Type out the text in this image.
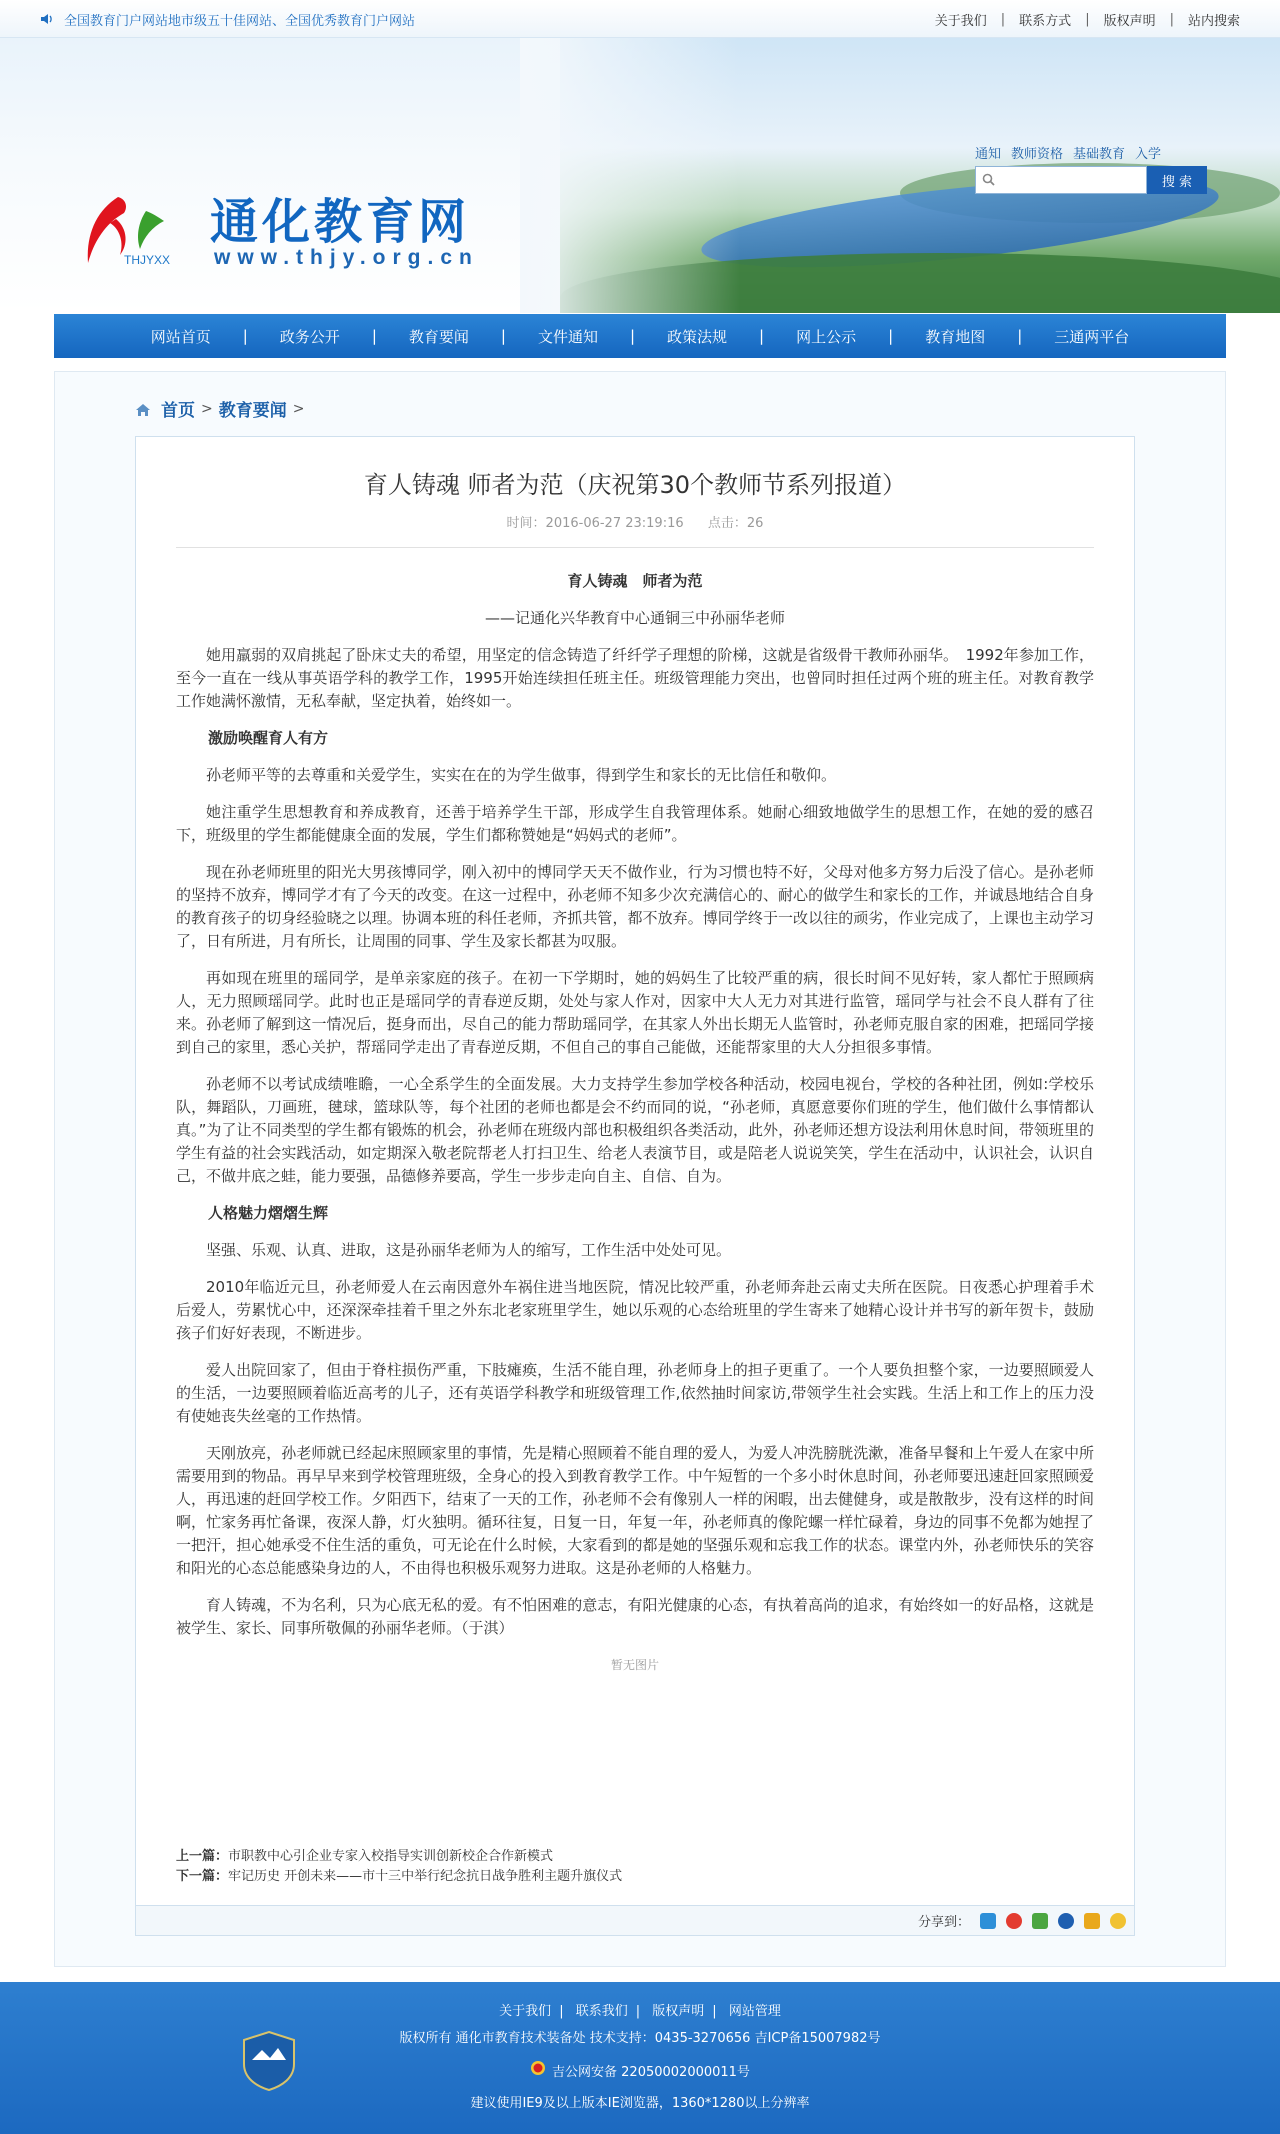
全国教育门户网站地市级五十佳网站、全国优秀教育门户网站	关于我们 | 联系方式 | 版权声明 | 站内搜索
THJYXX
通化教育网
www.thjy.org.cn
通知 教师资格 基础教育 入学
搜 索
网站首页	|	政务公开	|	教育要闻	|	文件通知	|	政策法规	|	网上公示	|	教育地图	|	三通两平台
首页 > 教育要闻 >
育人铸魂 师者为范（庆祝第30个教师节系列报道）
时间：2016-06-27 23:19:16 点击：26

育人铸魂　师者为范

——记通化兴华教育中心通铜三中孙丽华老师

她用羸弱的双肩挑起了卧床丈夫的希望，用坚定的信念铸造了纤纤学子理想的阶梯，这就是省级骨干教师孙丽华。　1992年参加工作，至今一直在一线从事英语学科的教学工作，1995开始连续担任班主任。班级管理能力突出，也曾同时担任过两个班的班主任。对教育教学工作她满怀激情，无私奉献，坚定执着，始终如一。

激励唤醒育人有方

孙老师平等的去尊重和关爱学生，实实在在的为学生做事，得到学生和家长的无比信任和敬仰。

她注重学生思想教育和养成教育，还善于培养学生干部，形成学生自我管理体系。她耐心细致地做学生的思想工作，在她的爱的感召下，班级里的学生都能健康全面的发展，学生们都称赞她是“妈妈式的老师”。

现在孙老师班里的阳光大男孩博同学，刚入初中的博同学天天不做作业，行为习惯也特不好，父母对他多方努力后没了信心。是孙老师的坚持不放弃，博同学才有了今天的改变。在这一过程中，孙老师不知多少次充满信心的、耐心的做学生和家长的工作，并诚恳地结合自身的教育孩子的切身经验晓之以理。协调本班的科任老师，齐抓共管，都不放弃。博同学终于一改以往的顽劣，作业完成了，上课也主动学习了，日有所进，月有所长，让周围的同事、学生及家长都甚为叹服。

再如现在班里的瑶同学，是单亲家庭的孩子。在初一下学期时，她的妈妈生了比较严重的病，很长时间不见好转，家人都忙于照顾病人，无力照顾瑶同学。此时也正是瑶同学的青春逆反期，处处与家人作对，因家中大人无力对其进行监管，瑶同学与社会不良人群有了往来。孙老师了解到这一情况后，挺身而出，尽自己的能力帮助瑶同学，在其家人外出长期无人监管时，孙老师克服自家的困难，把瑶同学接到自己的家里，悉心关护，帮瑶同学走出了青春逆反期，不但自己的事自己能做，还能帮家里的大人分担很多事情。

孙老师不以考试成绩唯瞻，一心全系学生的全面发展。大力支持学生参加学校各种活动，校园电视台，学校的各种社团，例如:学校乐队，舞蹈队，刀画班，毽球，篮球队等，每个社团的老师也都是会不约而同的说，“孙老师，真愿意要你们班的学生，他们做什么事情都认真。”为了让不同类型的学生都有锻炼的机会，孙老师在班级内部也积极组织各类活动，此外，孙老师还想方设法利用休息时间，带领班里的学生有益的社会实践活动，如定期深入敬老院帮老人打扫卫生、给老人表演节目，或是陪老人说说笑笑，学生在活动中，认识社会，认识自己，不做井底之蛙，能力要强，品德修养要高，学生一步步走向自主、自信、自为。

人格魅力熠熠生辉

坚强、乐观、认真、进取，这是孙丽华老师为人的缩写，工作生活中处处可见。

2010年临近元旦，孙老师爱人在云南因意外车祸住进当地医院，情况比较严重，孙老师奔赴云南丈夫所在医院。日夜悉心护理着手术后爱人，劳累忧心中，还深深牵挂着千里之外东北老家班里学生，她以乐观的心态给班里的学生寄来了她精心设计并书写的新年贺卡，鼓励孩子们好好表现，不断进步。

爱人出院回家了，但由于脊柱损伤严重，下肢瘫痪，生活不能自理，孙老师身上的担子更重了。一个人要负担整个家，一边要照顾爱人的生活，一边要照顾着临近高考的儿子，还有英语学科教学和班级管理工作,依然抽时间家访,带领学生社会实践。生活上和工作上的压力没有使她丧失丝毫的工作热情。

天刚放亮，孙老师就已经起床照顾家里的事情，先是精心照顾着不能自理的爱人，为爱人冲洗膀胱洗漱，准备早餐和上午爱人在家中所需要用到的物品。再早早来到学校管理班级，全身心的投入到教育教学工作。中午短暂的一个多小时休息时间，孙老师要迅速赶回家照顾爱人，再迅速的赶回学校工作。夕阳西下，结束了一天的工作，孙老师不会有像别人一样的闲暇，出去健健身，或是散散步，没有这样的时间啊，忙家务再忙备课，夜深人静，灯火独明。循环往复，日复一日，年复一年，孙老师真的像陀螺一样忙碌着，身边的同事不免都为她捏了一把汗，担心她承受不住生活的重负，可无论在什么时候，大家看到的都是她的坚强乐观和忘我工作的状态。课堂内外，孙老师快乐的笑容和阳光的心态总能感染身边的人，不由得也积极乐观努力进取。这是孙老师的人格魅力。

育人铸魂，不为名利，只为心底无私的爱。有不怕困难的意志，有阳光健康的心态，有执着高尚的追求，有始终如一的好品格，这就是被学生、家长、同事所敬佩的孙丽华老师。（于淇）

暂无图片
上一篇：市职教中心引企业专家入校指导实训创新校企合作新模式
下一篇：牢记历史 开创未来——市十三中举行纪念抗日战争胜利主题升旗仪式
分享到：
关于我们 | 联系我们 | 版权声明 | 网站管理
版权所有 通化市教育技术装备处 技术支持：0435-3270656 吉ICP备15007982号
吉公网安备 22050002000011号
建议使用IE9及以上版本IE浏览器，1360*1280以上分辨率
